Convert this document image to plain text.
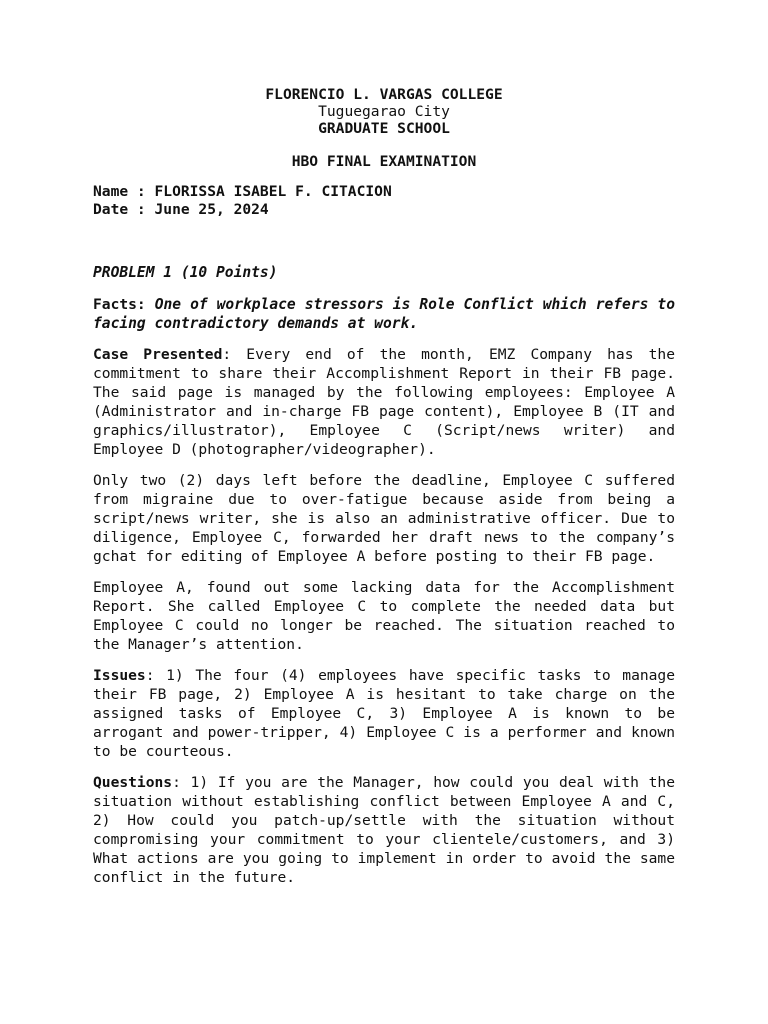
FLORENCIO L. VARGAS COLLEGE
Tuguegarao City
GRADUATE SCHOOL
HBO FINAL EXAMINATION
Name : FLORISSA ISABEL F. CITACION
Date : June 25, 2024
PROBLEM 1 (10 Points)

Facts: One of workplace stressors is Role Conflict which refers to facing contradictory demands at work.

Case Presented: Every end of the month, EMZ Company has the commitment to share their Accomplishment Report in their FB page. The said page is managed by the following employees: Employee A (Administrator and in-charge FB page content), Employee B (IT and graphics/illustrator), Employee C (Script/news writer) and Employee D (photographer/videographer).

Only two (2) days left before the deadline, Employee C suffered from migraine due to over-fatigue because aside from being a script/news writer, she is also an administrative officer. Due to diligence, Employee C, forwarded her draft news to the company’s gchat for editing of Employee A before posting to their FB page.

Employee A, found out some lacking data for the Accomplishment Report. She called Employee C to complete the needed data but Employee C could no longer be reached. The situation reached to the Manager’s attention.

Issues: 1) The four (4) employees have specific tasks to manage their FB page, 2) Employee A is hesitant to take charge on the assigned tasks of Employee C, 3) Employee A is known to be arrogant and power-tripper, 4) Employee C is a performer and known to be courteous.

Questions: 1) If you are the Manager, how could you deal with the situation without establishing conflict between Employee A and C, 2) How could you patch-up/settle with the situation without compromising your commitment to your clientele/customers, and 3) What actions are you going to implement in order to avoid the same conflict in the future.
